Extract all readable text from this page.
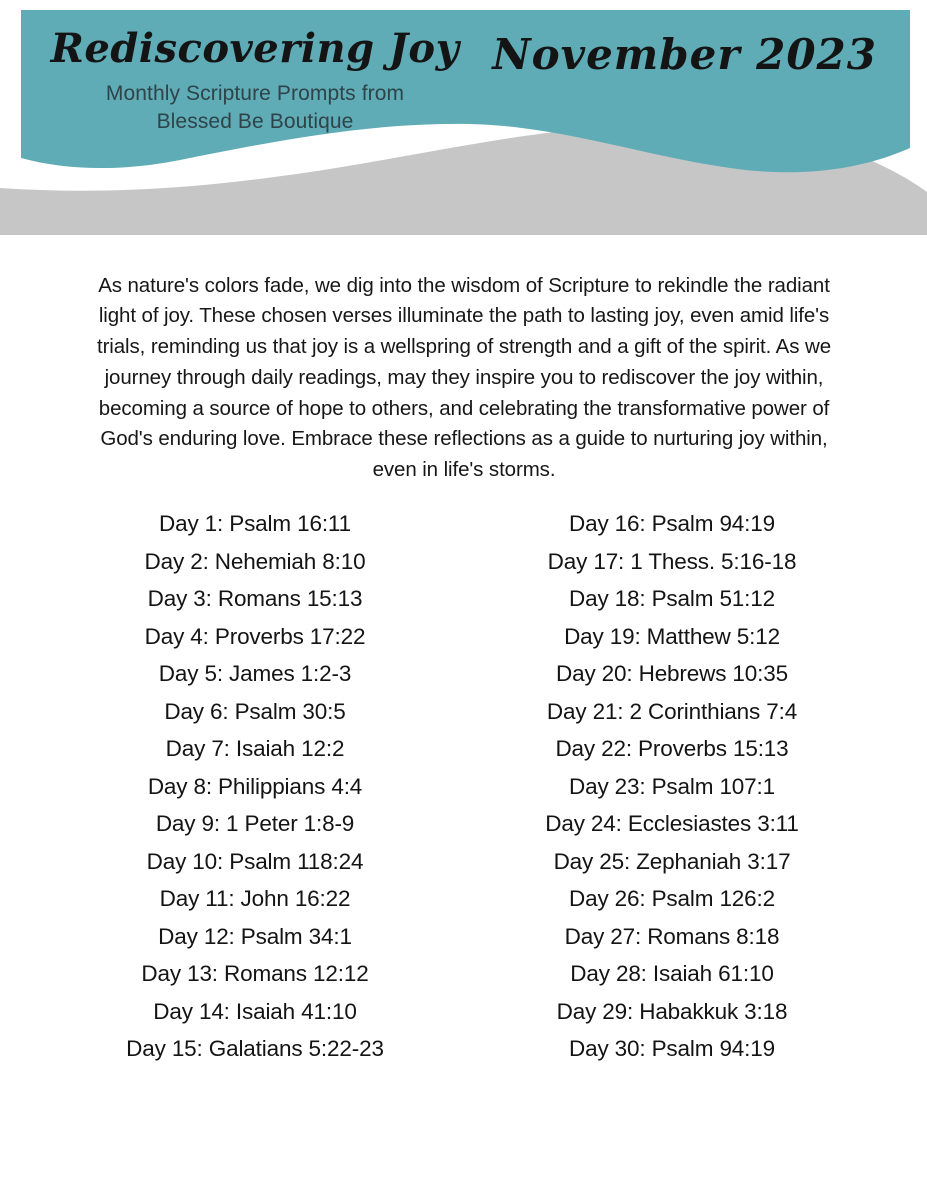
Rediscovering Joy
Monthly Scripture Prompts from
Blessed Be Boutique
November 2023

As nature's colors fade, we dig into the wisdom of Scripture to rekindle the radiant light of joy. These chosen verses illuminate the path to lasting joy, even amid life's trials, reminding us that joy is a wellspring of strength and a gift of the spirit. As we journey through daily readings, may they inspire you to rediscover the joy within, becoming a source of hope to others, and celebrating the transformative power of God's enduring love. Embrace these reflections as a guide to nurturing joy within, even in life's storms.

Day 1: Psalm 16:11
Day 2: Nehemiah 8:10
Day 3: Romans 15:13
Day 4: Proverbs 17:22
Day 5: James 1:2-3
Day 6: Psalm 30:5
Day 7: Isaiah 12:2
Day 8: Philippians 4:4
Day 9: 1 Peter 1:8-9
Day 10: Psalm 118:24
Day 11: John 16:22
Day 12: Psalm 34:1
Day 13: Romans 12:12
Day 14: Isaiah 41:10
Day 15: Galatians 5:22-23
Day 16: Psalm 94:19
Day 17: 1 Thess. 5:16-18
Day 18: Psalm 51:12
Day 19: Matthew 5:12
Day 20: Hebrews 10:35
Day 21: 2 Corinthians 7:4
Day 22: Proverbs 15:13
Day 23: Psalm 107:1
Day 24: Ecclesiastes 3:11
Day 25: Zephaniah 3:17
Day 26: Psalm 126:2
Day 27: Romans 8:18
Day 28: Isaiah 61:10
Day 29: Habakkuk 3:18
Day 30: Psalm 94:19
